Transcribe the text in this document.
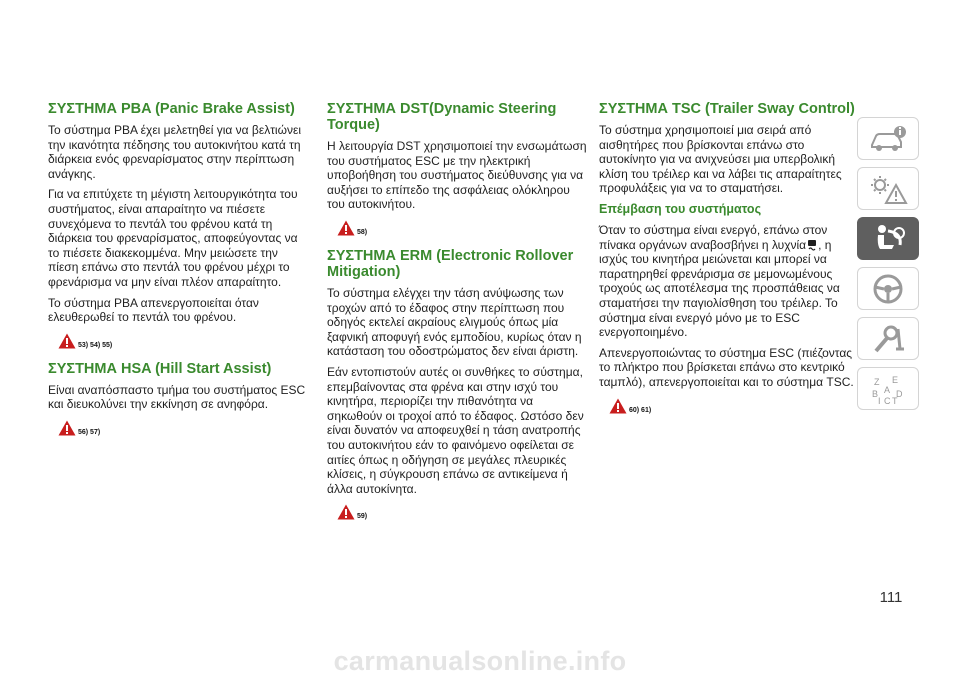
ΣΥΣΤΗΜΑ PBA (Panic Brake Assist)

Το σύστημα PBA έχει μελετηθεί για να βελτιώνει την ικανότητα πέδησης του αυτοκινήτου κατά τη διάρκεια ενός φρεναρίσματος στην περίπτωση ανάγκης.

Για να επιτύχετε τη μέγιστη λειτουργικότητα του συστήματος, είναι απαραίτητο να πιέσετε συνεχόμενα το πεντάλ του φρένου κατά τη διάρκεια του φρεναρίσματος, αποφεύγοντας να το πιέσετε διακεκομμένα. Μην μειώσετε την πίεση επάνω στο πεντάλ του φρένου μέχρι το φρενάρισμα να μην είναι πλέον απαραίτητο.

Το σύστημα PBA απενεργοποιείται όταν ελευθερωθεί το πεντάλ του φρένου.

53) 54) 55)
ΣΥΣΤΗΜΑ HSA (Hill Start Assist)

Είναι αναπόσπαστο τμήμα του συστήματος ESC και διευκολύνει την εκκίνηση σε ανηφόρα.

56) 57)
ΣΥΣΤΗΜΑ DST(Dynamic Steering Torque)

Η λειτουργία DST χρησιμοποιεί την ενσωμάτωση του συστήματος ESC με την ηλεκτρική υποβοήθηση του συστήματος διεύθυνσης για να αυξήσει το επίπεδο της ασφάλειας ολόκληρου του αυτοκινήτου.

58)
ΣΥΣΤΗΜΑ ERM (Electronic Rollover Mitigation)

Το σύστημα ελέγχει την τάση ανύψωσης των τροχών από το έδαφος στην περίπτωση που οδηγός εκτελεί ακραίους ελιγμούς όπως μία ξαφνική αποφυγή ενός εμποδίου, κυρίως όταν η κατάσταση του οδοστρώματος δεν είναι άριστη.

Εάν εντοπιστούν αυτές οι συνθήκες το σύστημα, επεμβαίνοντας στα φρένα και στην ισχύ του κινητήρα, περιορίζει την πιθανότητα να σηκωθούν οι τροχοί από το έδαφος. Ωστόσο δεν είναι δυνατόν να αποφευχθεί η τάση ανατροπής του αυτοκινήτου εάν το φαινόμενο οφείλεται σε αιτίες όπως η οδήγηση σε μεγάλες πλευρικές κλίσεις, η σύγκρουση επάνω σε αντικείμενα ή άλλα αυτοκίνητα.

59)
ΣΥΣΤΗΜΑ TSC (Trailer Sway Control)

Το σύστημα χρησιμοποιεί μια σειρά από αισθητήρες που βρίσκονται επάνω στο αυτοκίνητο για να ανιχνεύσει μια υπερβολική κλίση του τρέιλερ και να λάβει τις απαραίτητες προφυλάξεις για να το σταματήσει.

Επέμβαση του συστήματος

Όταν το σύστημα είναι ενεργό, επάνω στον πίνακα οργάνων αναβοσβήνει η λυχνία , η ισχύς του κινητήρα μειώνεται και μπορεί να παρατηρηθεί φρενάρισμα σε μεμονωμένους τροχούς ως αποτέλεσμα της προσπάθειας να σταματήσει την παγιολίσθηση του τρέιλερ. Το σύστημα είναι ενεργό μόνο με το ESC ενεργοποιημένο.

Απενεργοποιώντας το σύστημα ESC (πιέζοντας το πλήκτρο που βρίσκεται επάνω στο κεντρικό ταμπλό), απενεργοποιείται και το σύστημα TSC.

60) 61)
Z E
A
B D
I C T
111
carmanualsonline.info
